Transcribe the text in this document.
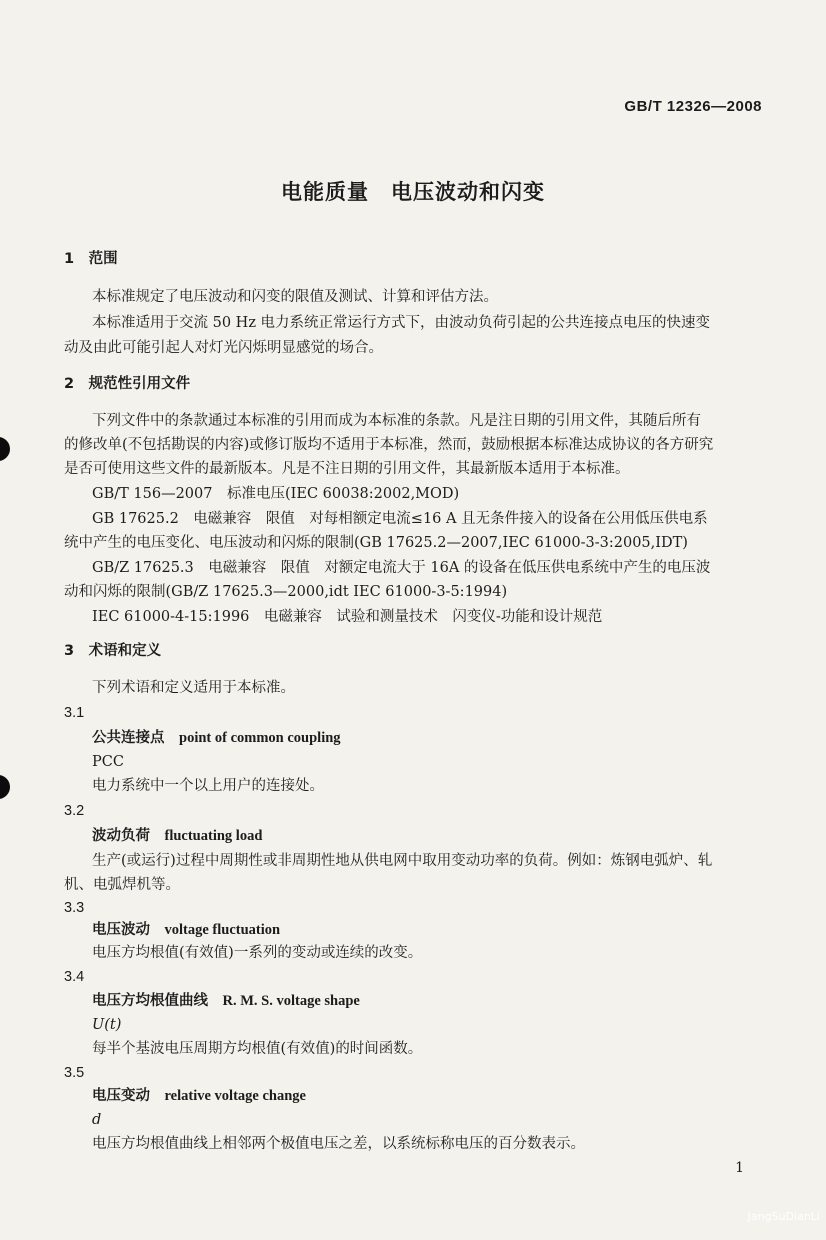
GB/T 12326—2008
电能质量　电压波动和闪变
1　范围
本标准规定了电压波动和闪变的限值及测试、计算和评估方法。
本标准适用于交流 50 Hz 电力系统正常运行方式下，由波动负荷引起的公共连接点电压的快速变
动及由此可能引起人对灯光闪烁明显感觉的场合。
2　规范性引用文件
下列文件中的条款通过本标准的引用而成为本标准的条款。凡是注日期的引用文件，其随后所有
的修改单(不包括勘误的内容)或修订版均不适用于本标准，然而，鼓励根据本标准达成协议的各方研究
是否可使用这些文件的最新版本。凡是不注日期的引用文件，其最新版本适用于本标准。
GB/T 156—2007　标准电压(IEC 60038:2002,MOD)
GB 17625.2　电磁兼容　限值　对每相额定电流≤16 A 且无条件接入的设备在公用低压供电系
统中产生的电压变化、电压波动和闪烁的限制(GB 17625.2—2007,IEC 61000-3-3:2005,IDT)
GB/Z 17625.3　电磁兼容　限值　对额定电流大于 16A 的设备在低压供电系统中产生的电压波
动和闪烁的限制(GB/Z 17625.3—2000,idt IEC 61000-3-5:1994)
IEC 61000-4-15:1996　电磁兼容　试验和测量技术　闪变仪-功能和设计规范
3　术语和定义
下列术语和定义适用于本标准。
3.1
公共连接点　 point of common coupling
PCC
电力系统中一个以上用户的连接处。
3.2
波动负荷　 fluctuating load
生产(或运行)过程中周期性或非周期性地从供电网中取用变动功率的负荷。例如：炼钢电弧炉、轧
机、电弧焊机等。
3.3
电压波动　 voltage fluctuation
电压方均根值(有效值)一系列的变动或连续的改变。
3.4
电压方均根值曲线　 R. M. S. voltage shape
U(t)
每半个基波电压周期方均根值(有效值)的时间函数。
3.5
电压变动　 relative voltage change
d
电压方均根值曲线上相邻两个极值电压之差，以系统标称电压的百分数表示。
1
JangSuDianLi
